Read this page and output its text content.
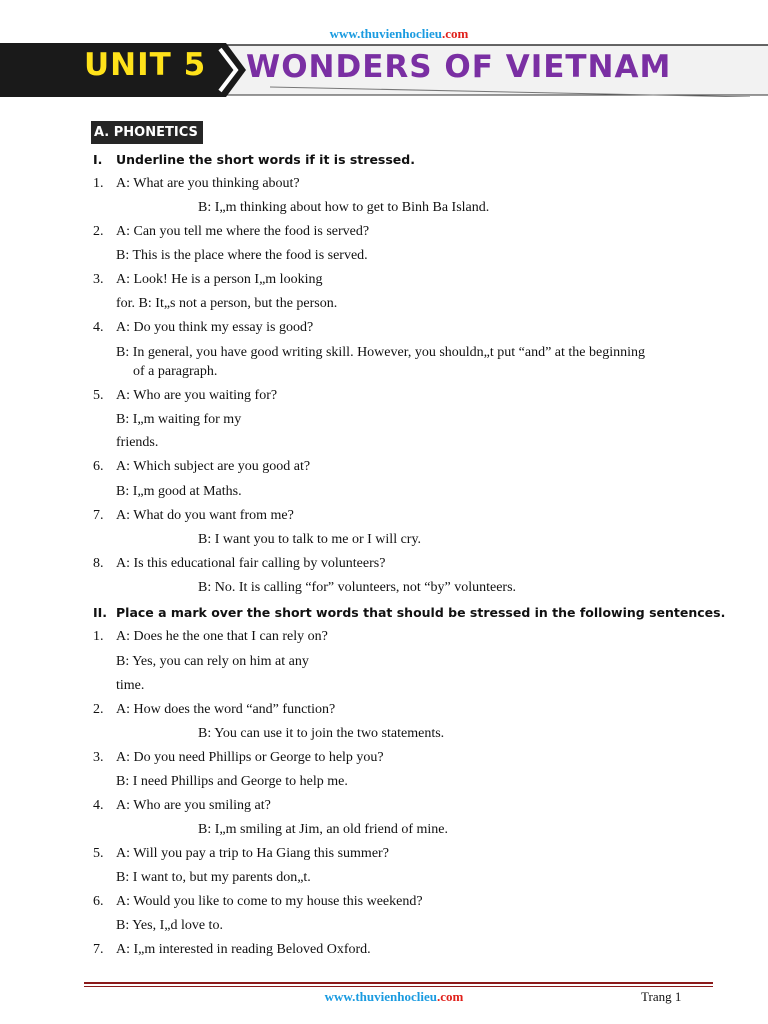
www.thuvienhoclieu.com
UNIT 5 WONDERS OF VIETNAM
A. PHONETICS
I. Underline the short words if it is stressed.
1. A: What are you thinking about?
B: I„m thinking about how to get to Binh Ba Island.
2. A: Can you tell me where the food is served?
B: This is the place where the food is served.
3. A: Look! He is a person I„m looking
for. B: It„s not a person, but the person.
4. A: Do you think my essay is good?
B: In general, you have good writing skill. However, you shouldn„t put “and” at the beginning
of a paragraph.
5. A: Who are you waiting for?
B: I„m waiting for my
friends.
6. A: Which subject are you good at?
B: I„m good at Maths.
7. A: What do you want from me?
B: I want you to talk to me or I will cry.
8. A: Is this educational fair calling by volunteers?
B: No. It is calling “for” volunteers, not “by” volunteers.
II. Place a mark over the short words that should be stressed in the following sentences.
1. A: Does he the one that I can rely on?
B: Yes, you can rely on him at any
time.
2. A: How does the word “and” function?
B: You can use it to join the two statements.
3. A: Do you need Phillips or George to help you?
B: I need Phillips and George to help me.
4. A: Who are you smiling at?
B: I„m smiling at Jim, an old friend of mine.
5. A: Will you pay a trip to Ha Giang this summer?
B: I want to, but my parents don„t.
6. A: Would you like to come to my house this weekend?
B: Yes, I„d love to.
7. A: I„m interested in reading Beloved Oxford.
www.thuvienhoclieu.com	Trang 1
